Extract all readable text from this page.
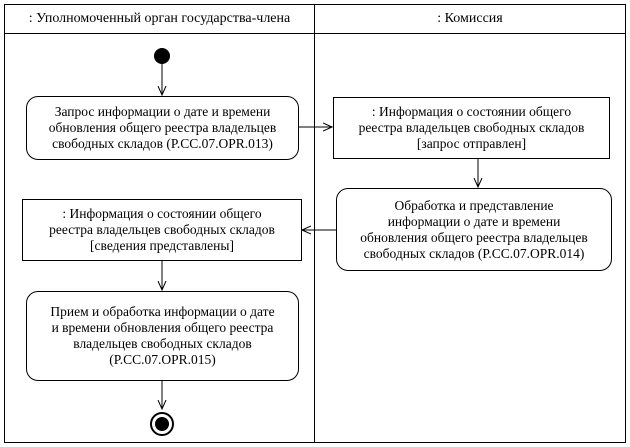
: Уполномоченный орган государства-члена	: Комиссия
Запрос информации о дате и времени
обновления общего реестра владельцев
свободных складов (P.CC.07.OPR.013)
: Информация о состоянии общего
реестра владельцев свободных складов
[запрос отправлен]
Обработка и представление
информации о дате и времени
обновления общего реестра владельцев
свободных складов (P.CC.07.OPR.014)
: Информация о состоянии общего
реестра владельцев свободных складов
[сведения представлены]
Прием и обработка информации о дате
и времени обновления общего реестра
владельцев свободных складов
(P.CC.07.OPR.015)
